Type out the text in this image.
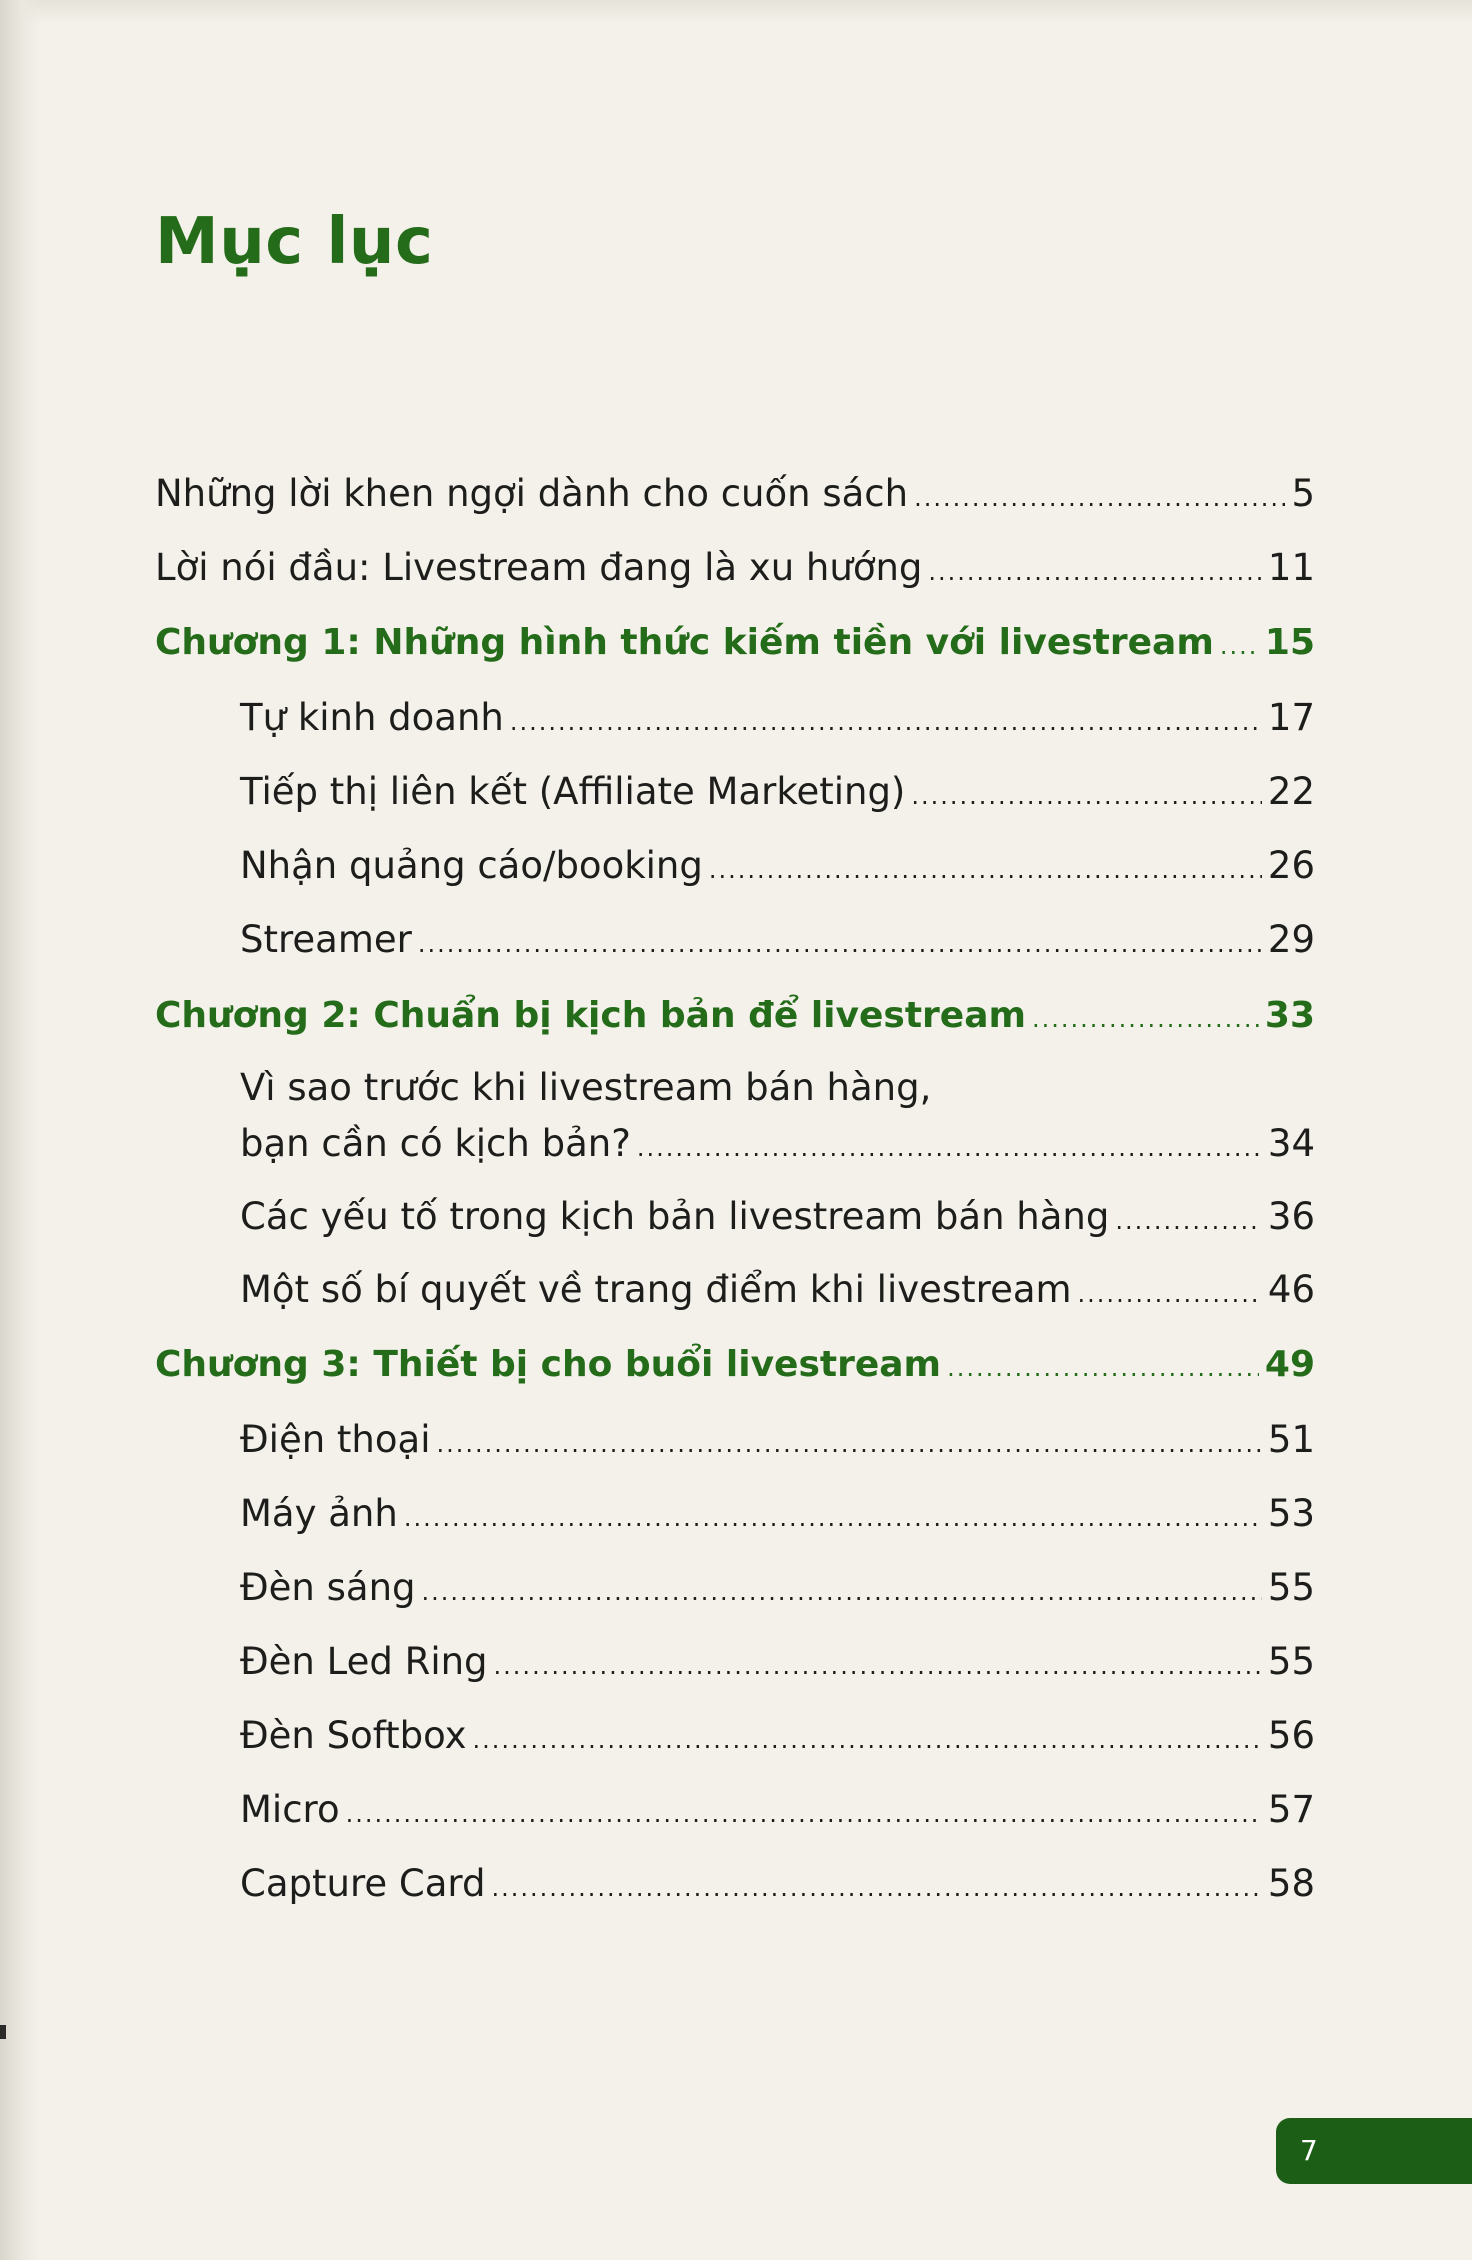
Mục lục
Những lời khen ngợi dành cho cuốn sách .....	5
Lời nói đầu: Livestream đang là xu hướng .....	11
Chương 1: Những hình thức kiếm tiền với livestream ..... 15
Tự kinh doanh .....	17
Tiếp thị liên kết (Affiliate Marketing) .....	22
Nhận quảng cáo/booking .....	26
Streamer .....	29
Chương 2: Chuẩn bị kịch bản để livestream .....	33
Vì sao trước khi livestream bán hàng,
bạn cần có kịch bản? .....	34
Các yếu tố trong kịch bản livestream bán hàng .....	36
Một số bí quyết về trang điểm khi livestream .....	46
Chương 3: Thiết bị cho buổi livestream .....	49
Điện thoại .....	51
Máy ảnh .....	53
Đèn sáng .....	55
Đèn Led Ring .....	55
Đèn Softbox .....	56
Micro .....	57
Capture Card .....	58
7
